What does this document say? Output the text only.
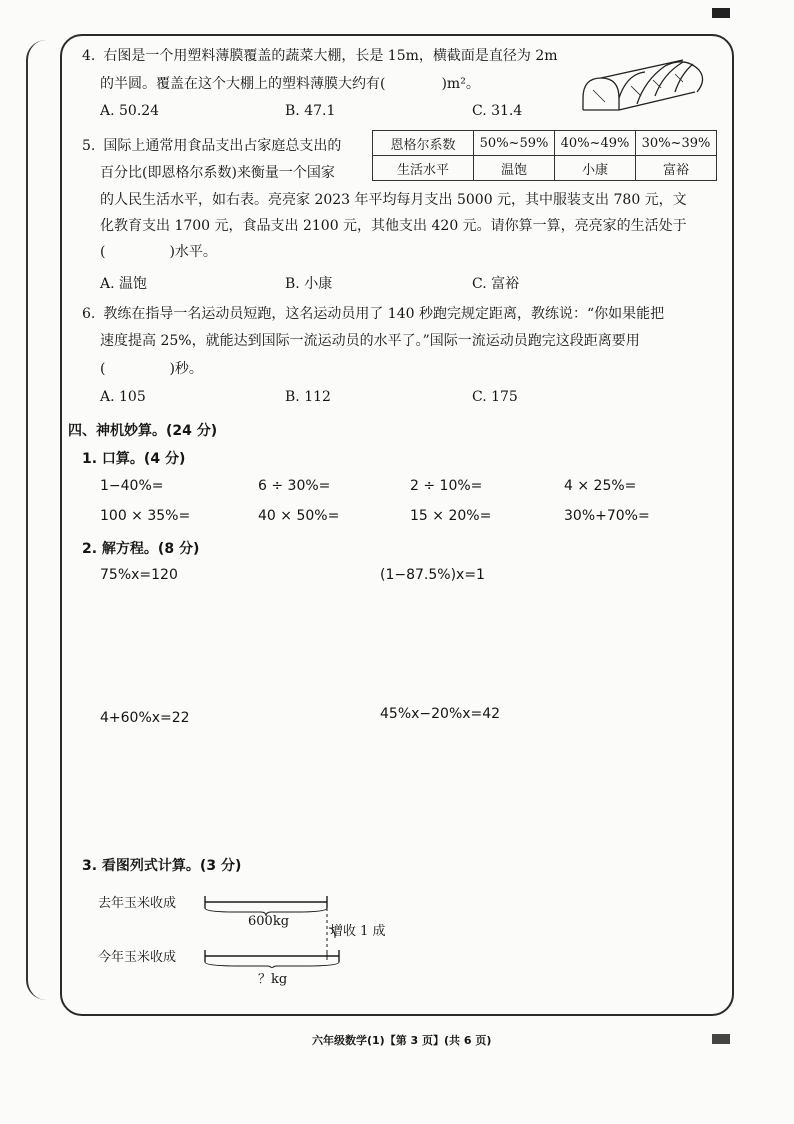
4. 右图是一个用塑料薄膜覆盖的蔬菜大棚，长是 15m，横截面是直径为 2m
的半圆。覆盖在这个大棚上的塑料薄膜大约有(	)m²。
A. 50.24	B. 47.1	C. 31.4
5. 国际上通常用食品支出占家庭总支出的
百分比(即恩格尔系数)来衡量一个国家
恩格尔系数	50%~59%	40%~49%	30%~39%
生活水平	温饱	小康	富裕
的人民生活水平，如右表。亮亮家 2023 年平均每月支出 5000 元，其中服装支出 780 元，文
化教育支出 1700 元，食品支出 2100 元，其他支出 420 元。请你算一算，亮亮家的生活处于
(	)水平。
A. 温饱	B. 小康	C. 富裕
6. 教练在指导一名运动员短跑，这名运动员用了 140 秒跑完规定距离，教练说：“你如果能把
速度提高 25%，就能达到国际一流运动员的水平了。”国际一流运动员跑完这段距离要用
(	)秒。
A. 105	B. 112	C. 175
四、神机妙算。(24 分)
1. 口算。(4 分)
1−40%=	6 ÷ 30%=	2 ÷ 10%=	4 × 25%=
100 × 35%=	40 × 50%=	15 × 20%=	30%+70%=
2. 解方程。(8 分)
75%x=120	(1−87.5%)x=1
4+60%x=22	45%x−20%x=42
3. 看图列式计算。(3 分)
去年玉米收成
今年玉米收成
600kg
增收 1 成
？kg
六年级数学(1)【第 3 页】(共 6 页)
